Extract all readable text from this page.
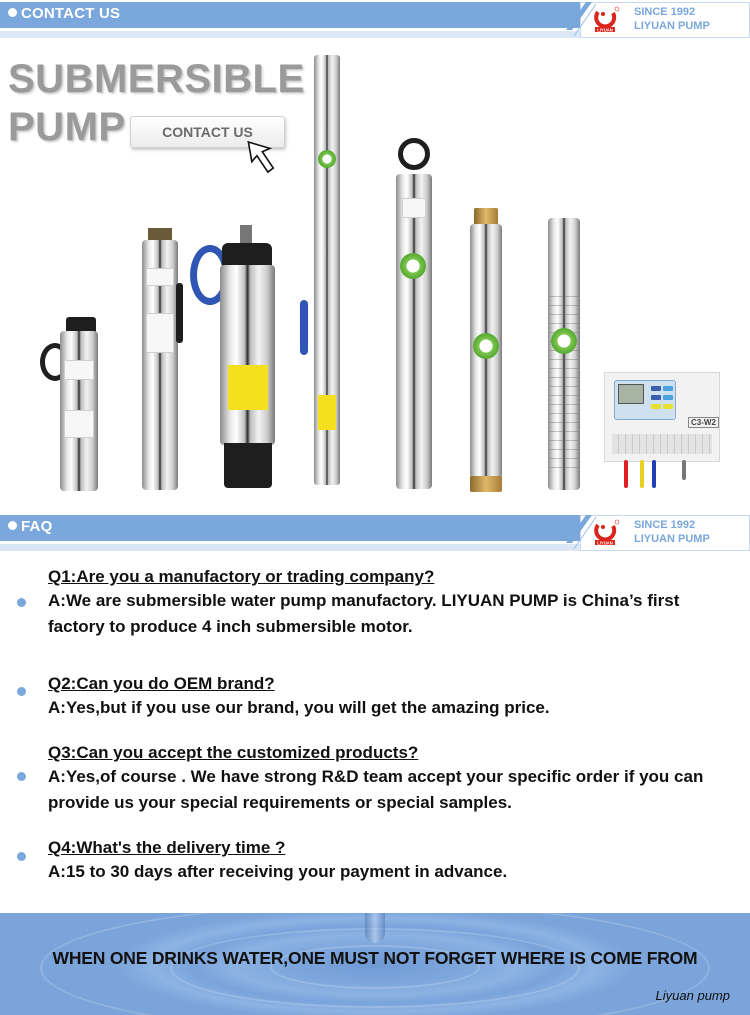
CONTACT US
LIYUAN
SINCE 1992
LIYUAN PUMP
SUBMERSIBLE
PUMP	CONTACT US
C3-W2
FAQ
LIYUAN
SINCE 1992
LIYUAN PUMP
Q1:Are you a manufactory or trading company?
A:We are submersible water pump manufactory. LIYUAN PUMP is China’s first factory to produce 4 inch submersible motor.
Q2:Can you do OEM brand?
A:Yes,but if you use our brand, you will get the amazing price.
Q3:Can you accept the customized products?
A:Yes,of course . We have strong R&D team accept your specific order if you can provide us your special requirements or special samples.
Q4:What's the delivery time ?
A:15 to 30 days after receiving your payment in advance.
WHEN ONE DRINKS WATER,ONE MUST NOT FORGET WHERE IS COME FROM
Liyuan pump
